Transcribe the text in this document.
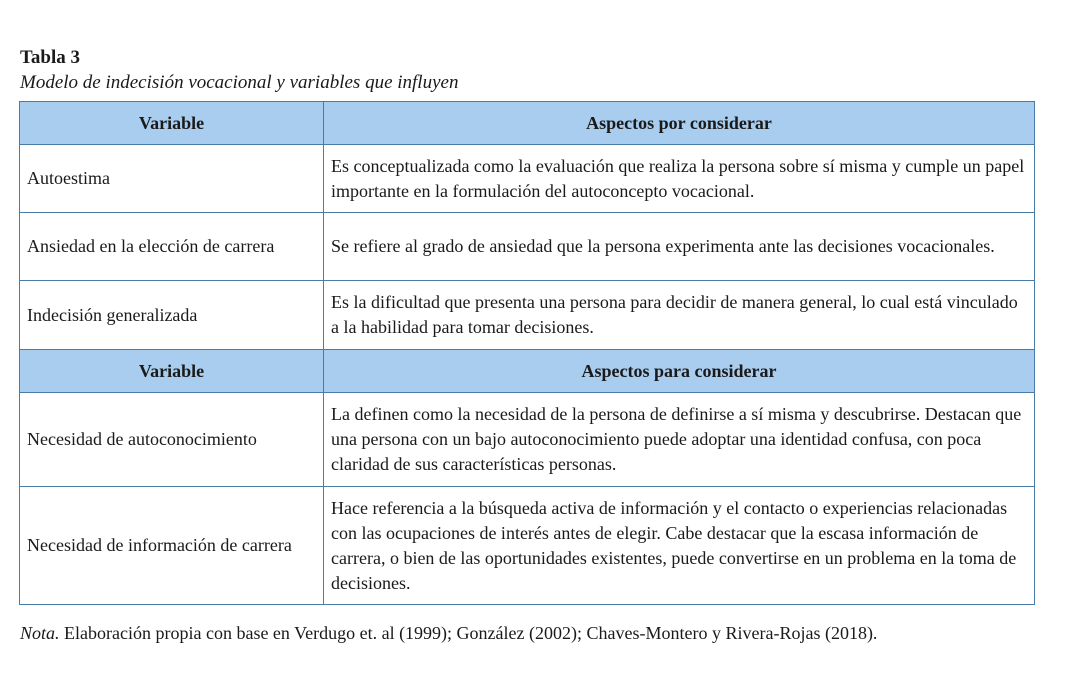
Tabla 3
Modelo de indecisión vocacional y variables que influyen
Variable	Aspectos por considerar
Autoestima	Es conceptualizada como la evaluación que realiza la persona sobre sí misma y cumple un papel importante en la formulación del autoconcepto vocacional.
Ansiedad en la elección de carrera	Se refiere al grado de ansiedad que la persona experimenta ante las decisiones vocacionales.
Indecisión generalizada	Es la dificultad que presenta una persona para decidir de manera general, lo cual está vinculado a la habilidad para tomar decisiones.
Variable	Aspectos para considerar
Necesidad de autoconocimiento	La definen como la necesidad de la persona de definirse a sí misma y descubrirse. Destacan que una persona con un bajo autoconocimiento puede adoptar una identidad confusa, con poca claridad de sus características personas.
Necesidad de información de carrera	Hace referencia a la búsqueda activa de información y el contacto o experiencias relacionadas con las ocupaciones de interés antes de elegir. Cabe destacar que la escasa información de carrera, o bien de las oportunidades existentes, puede convertirse en un problema en la toma de decisiones.
Nota. Elaboración propia con base en Verdugo et. al (1999); González (2002); Chaves-Montero y Rivera-Rojas (2018).
